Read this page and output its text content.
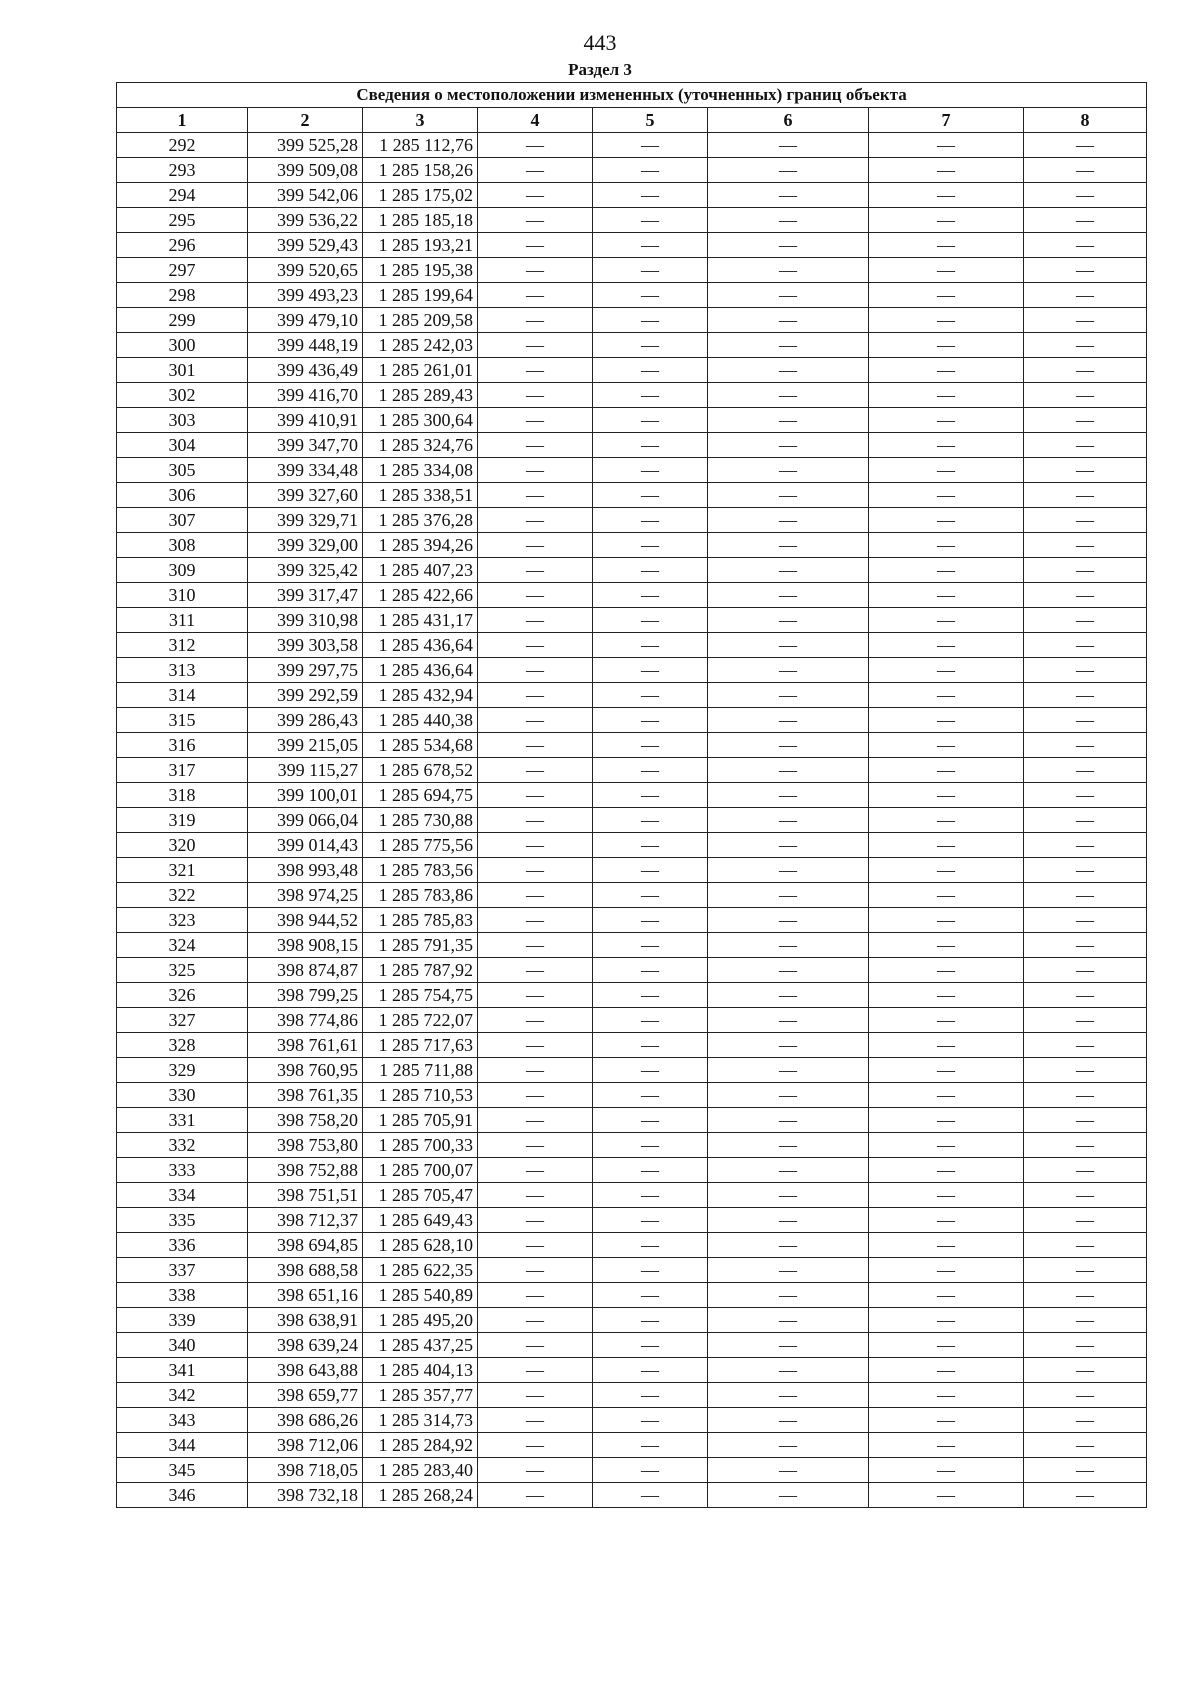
443
Раздел 3
Сведения о местоположении измененных (уточненных) границ объекта							
1	2	3	4	5	6	7	8
292	399 525,28	1 285 112,76	—	—	—	—	—
293	399 509,08	1 285 158,26	—	—	—	—	—
294	399 542,06	1 285 175,02	—	—	—	—	—
295	399 536,22	1 285 185,18	—	—	—	—	—
296	399 529,43	1 285 193,21	—	—	—	—	—
297	399 520,65	1 285 195,38	—	—	—	—	—
298	399 493,23	1 285 199,64	—	—	—	—	—
299	399 479,10	1 285 209,58	—	—	—	—	—
300	399 448,19	1 285 242,03	—	—	—	—	—
301	399 436,49	1 285 261,01	—	—	—	—	—
302	399 416,70	1 285 289,43	—	—	—	—	—
303	399 410,91	1 285 300,64	—	—	—	—	—
304	399 347,70	1 285 324,76	—	—	—	—	—
305	399 334,48	1 285 334,08	—	—	—	—	—
306	399 327,60	1 285 338,51	—	—	—	—	—
307	399 329,71	1 285 376,28	—	—	—	—	—
308	399 329,00	1 285 394,26	—	—	—	—	—
309	399 325,42	1 285 407,23	—	—	—	—	—
310	399 317,47	1 285 422,66	—	—	—	—	—
311	399 310,98	1 285 431,17	—	—	—	—	—
312	399 303,58	1 285 436,64	—	—	—	—	—
313	399 297,75	1 285 436,64	—	—	—	—	—
314	399 292,59	1 285 432,94	—	—	—	—	—
315	399 286,43	1 285 440,38	—	—	—	—	—
316	399 215,05	1 285 534,68	—	—	—	—	—
317	399 115,27	1 285 678,52	—	—	—	—	—
318	399 100,01	1 285 694,75	—	—	—	—	—
319	399 066,04	1 285 730,88	—	—	—	—	—
320	399 014,43	1 285 775,56	—	—	—	—	—
321	398 993,48	1 285 783,56	—	—	—	—	—
322	398 974,25	1 285 783,86	—	—	—	—	—
323	398 944,52	1 285 785,83	—	—	—	—	—
324	398 908,15	1 285 791,35	—	—	—	—	—
325	398 874,87	1 285 787,92	—	—	—	—	—
326	398 799,25	1 285 754,75	—	—	—	—	—
327	398 774,86	1 285 722,07	—	—	—	—	—
328	398 761,61	1 285 717,63	—	—	—	—	—
329	398 760,95	1 285 711,88	—	—	—	—	—
330	398 761,35	1 285 710,53	—	—	—	—	—
331	398 758,20	1 285 705,91	—	—	—	—	—
332	398 753,80	1 285 700,33	—	—	—	—	—
333	398 752,88	1 285 700,07	—	—	—	—	—
334	398 751,51	1 285 705,47	—	—	—	—	—
335	398 712,37	1 285 649,43	—	—	—	—	—
336	398 694,85	1 285 628,10	—	—	—	—	—
337	398 688,58	1 285 622,35	—	—	—	—	—
338	398 651,16	1 285 540,89	—	—	—	—	—
339	398 638,91	1 285 495,20	—	—	—	—	—
340	398 639,24	1 285 437,25	—	—	—	—	—
341	398 643,88	1 285 404,13	—	—	—	—	—
342	398 659,77	1 285 357,77	—	—	—	—	—
343	398 686,26	1 285 314,73	—	—	—	—	—
344	398 712,06	1 285 284,92	—	—	—	—	—
345	398 718,05	1 285 283,40	—	—	—	—	—
346	398 732,18	1 285 268,24	—	—	—	—	—
